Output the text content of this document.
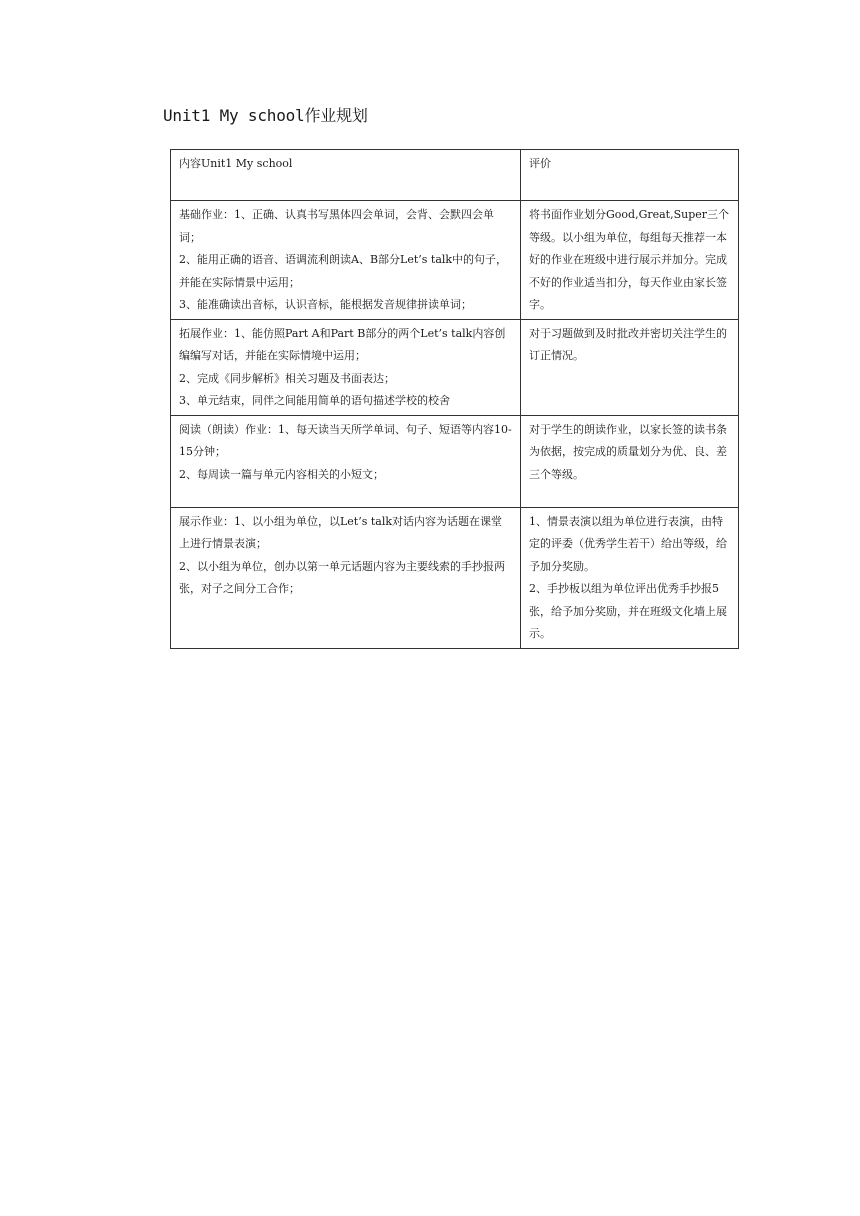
Unit1 My school作业规划
内容Unit1 My school	评价

基础作业：1、正确、认真书写黑体四会单词，会背、会默四会单词；
2、能用正确的语音、语调流利朗读A、B部分Let’s talk中的句子，并能在实际情景中运用；
3、能准确读出音标，认识音标，能根据发音规律拼读单词；	将书面作业划分Good,Great,Super三个等级。以小组为单位，每组每天推荐一本好的作业在班级中进行展示并加分。完成不好的作业适当扣分，每天作业由家长签字。

拓展作业：1、能仿照Part A和Part B部分的两个Let’s talk内容创编编写对话，并能在实际情境中运用；
2、完成《同步解析》相关习题及书面表达；
3、单元结束，同伴之间能用简单的语句描述学校的校舍	对于习题做到及时批改并密切关注学生的订正情况。

阅读（朗读）作业：1、每天读当天所学单词、句子、短语等内容10-15分钟；
2、每周读一篇与单元内容相关的小短文；	对于学生的朗读作业，以家长签的读书条为依据，按完成的质量划分为优、良、差三个等级。

展示作业：1、以小组为单位，以Let’s talk对话内容为话题在课堂上进行情景表演；
2、以小组为单位，创办以第一单元话题内容为主要线索的手抄报两张，对子之间分工合作；	1、情景表演以组为单位进行表演，由特定的评委（优秀学生若干）给出等级，给予加分奖励。
2、手抄板以组为单位评出优秀手抄报5张，给予加分奖励，并在班级文化墙上展示。
